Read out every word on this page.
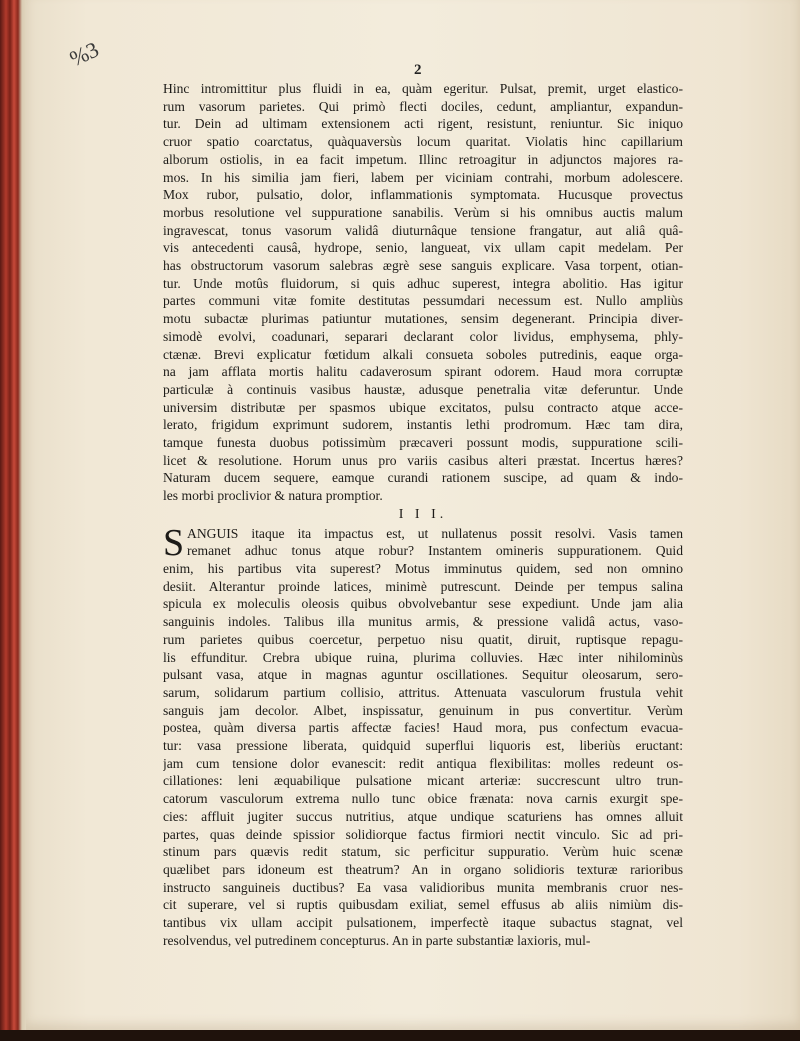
% 3	2
Hinc intromittitur plus fluidi in ea, quàm egeritur. Pulsat, premit, urget elastico-
rum vasorum parietes. Qui primò flecti dociles, cedunt, ampliantur, expandun-
tur. Dein ad ultimam extensionem acti rigent, resistunt, reniuntur. Sic iniquo
cruor spatio coarctatus, quàquaversùs locum quaritat. Violatis hinc capillarium
alborum ostiolis, in ea facit impetum. Illinc retroagitur in adjunctos majores ra-
mos. In his similia jam fieri, labem per viciniam contrahi, morbum adolescere.
Mox rubor, pulsatio, dolor, inflammationis symptomata. Hucusque provectus
morbus resolutione vel suppuratione sanabilis. Verùm si his omnibus auctis malum
ingravescat, tonus vasorum validâ diuturnâque tensione frangatur, aut aliâ quâ-
vis antecedenti causâ, hydrope, senio, langueat, vix ullam capit medelam. Per
has obstructorum vasorum salebras ægrè sese sanguis explicare. Vasa torpent, otian-
tur. Unde motûs fluidorum, si quis adhuc superest, integra abolitio. Has igitur
partes communi vitæ fomite destitutas pessumdari necessum est. Nullo ampliùs
motu subactæ plurimas patiuntur mutationes, sensim degenerant. Principia diver-
simodè evolvi, coadunari, separari declarant color lividus, emphysema, phly-
ctænæ. Brevi explicatur fœtidum alkali consueta soboles putredinis, eaque orga-
na jam afflata mortis halitu cadaverosum spirant odorem. Haud mora corruptæ
particulæ à continuis vasibus haustæ, adusque penetralia vitæ deferuntur. Unde
universim distributæ per spasmos ubique excitatos, pulsu contracto atque acce-
lerato, frigidum exprimunt sudorem, instantis lethi prodromum. Hæc tam dira,
tamque funesta duobus potissimùm præcaveri possunt modis, suppuratione scili-
licet & resolutione. Horum unus pro variis casibus alteri præstat. Incertus hæres?
Naturam ducem sequere, eamque curandi rationem suscipe, ad quam & indo-
les morbi proclivior & natura promptior.
I I I.
S ANGUIS itaque ita impactus est, ut nullatenus possit resolvi. Vasis tamen
remanet adhuc tonus atque robur? Instantem omineris suppurationem. Quid
enim, his partibus vita superest? Motus imminutus quidem, sed non omnino
desiit. Alterantur proinde latices, minimè putrescunt. Deinde per tempus salina
spicula ex moleculis oleosis quibus obvolvebantur sese expediunt. Unde jam alia
sanguinis indoles. Talibus illa munitus armis, & pressione validâ actus, vaso-
rum parietes quibus coercetur, perpetuo nisu quatit, diruit, ruptisque repagu-
lis effunditur. Crebra ubique ruina, plurima colluvies. Hæc inter nihilominùs
pulsant vasa, atque in magnas aguntur oscillationes. Sequitur oleosarum, sero-
sarum, solidarum partium collisio, attritus. Attenuata vasculorum frustula vehit
sanguis jam decolor. Albet, inspissatur, genuinum in pus convertitur. Verùm
postea, quàm diversa partis affectæ facies! Haud mora, pus confectum evacua-
tur: vasa pressione liberata, quidquid superflui liquoris est, liberiùs eructant:
jam cum tensione dolor evanescit: redit antiqua flexibilitas: molles redeunt os-
cillationes: leni æquabilique pulsatione micant arteriæ: succrescunt ultro trun-
catorum vasculorum extrema nullo tunc obice frænata: nova carnis exurgit spe-
cies: affluit jugiter succus nutritius, atque undique scaturiens has omnes alluit
partes, quas deinde spissior solidiorque factus firmiori nectit vinculo. Sic ad pri-
stinum pars quævis redit statum, sic perficitur suppuratio. Verùm huic scenæ
quælibet pars idoneum est theatrum? An in organo solidioris texturæ rarioribus
instructo sanguineis ductibus? Ea vasa validioribus munita membranis cruor nes-
cit superare, vel si ruptis quibusdam exiliat, semel effusus ab aliis nimiùm dis-
tantibus vix ullam accipit pulsationem, imperfectè itaque subactus stagnat, vel
resolvendus, vel putredinem concepturus. An in parte substantiæ laxioris, mul-
